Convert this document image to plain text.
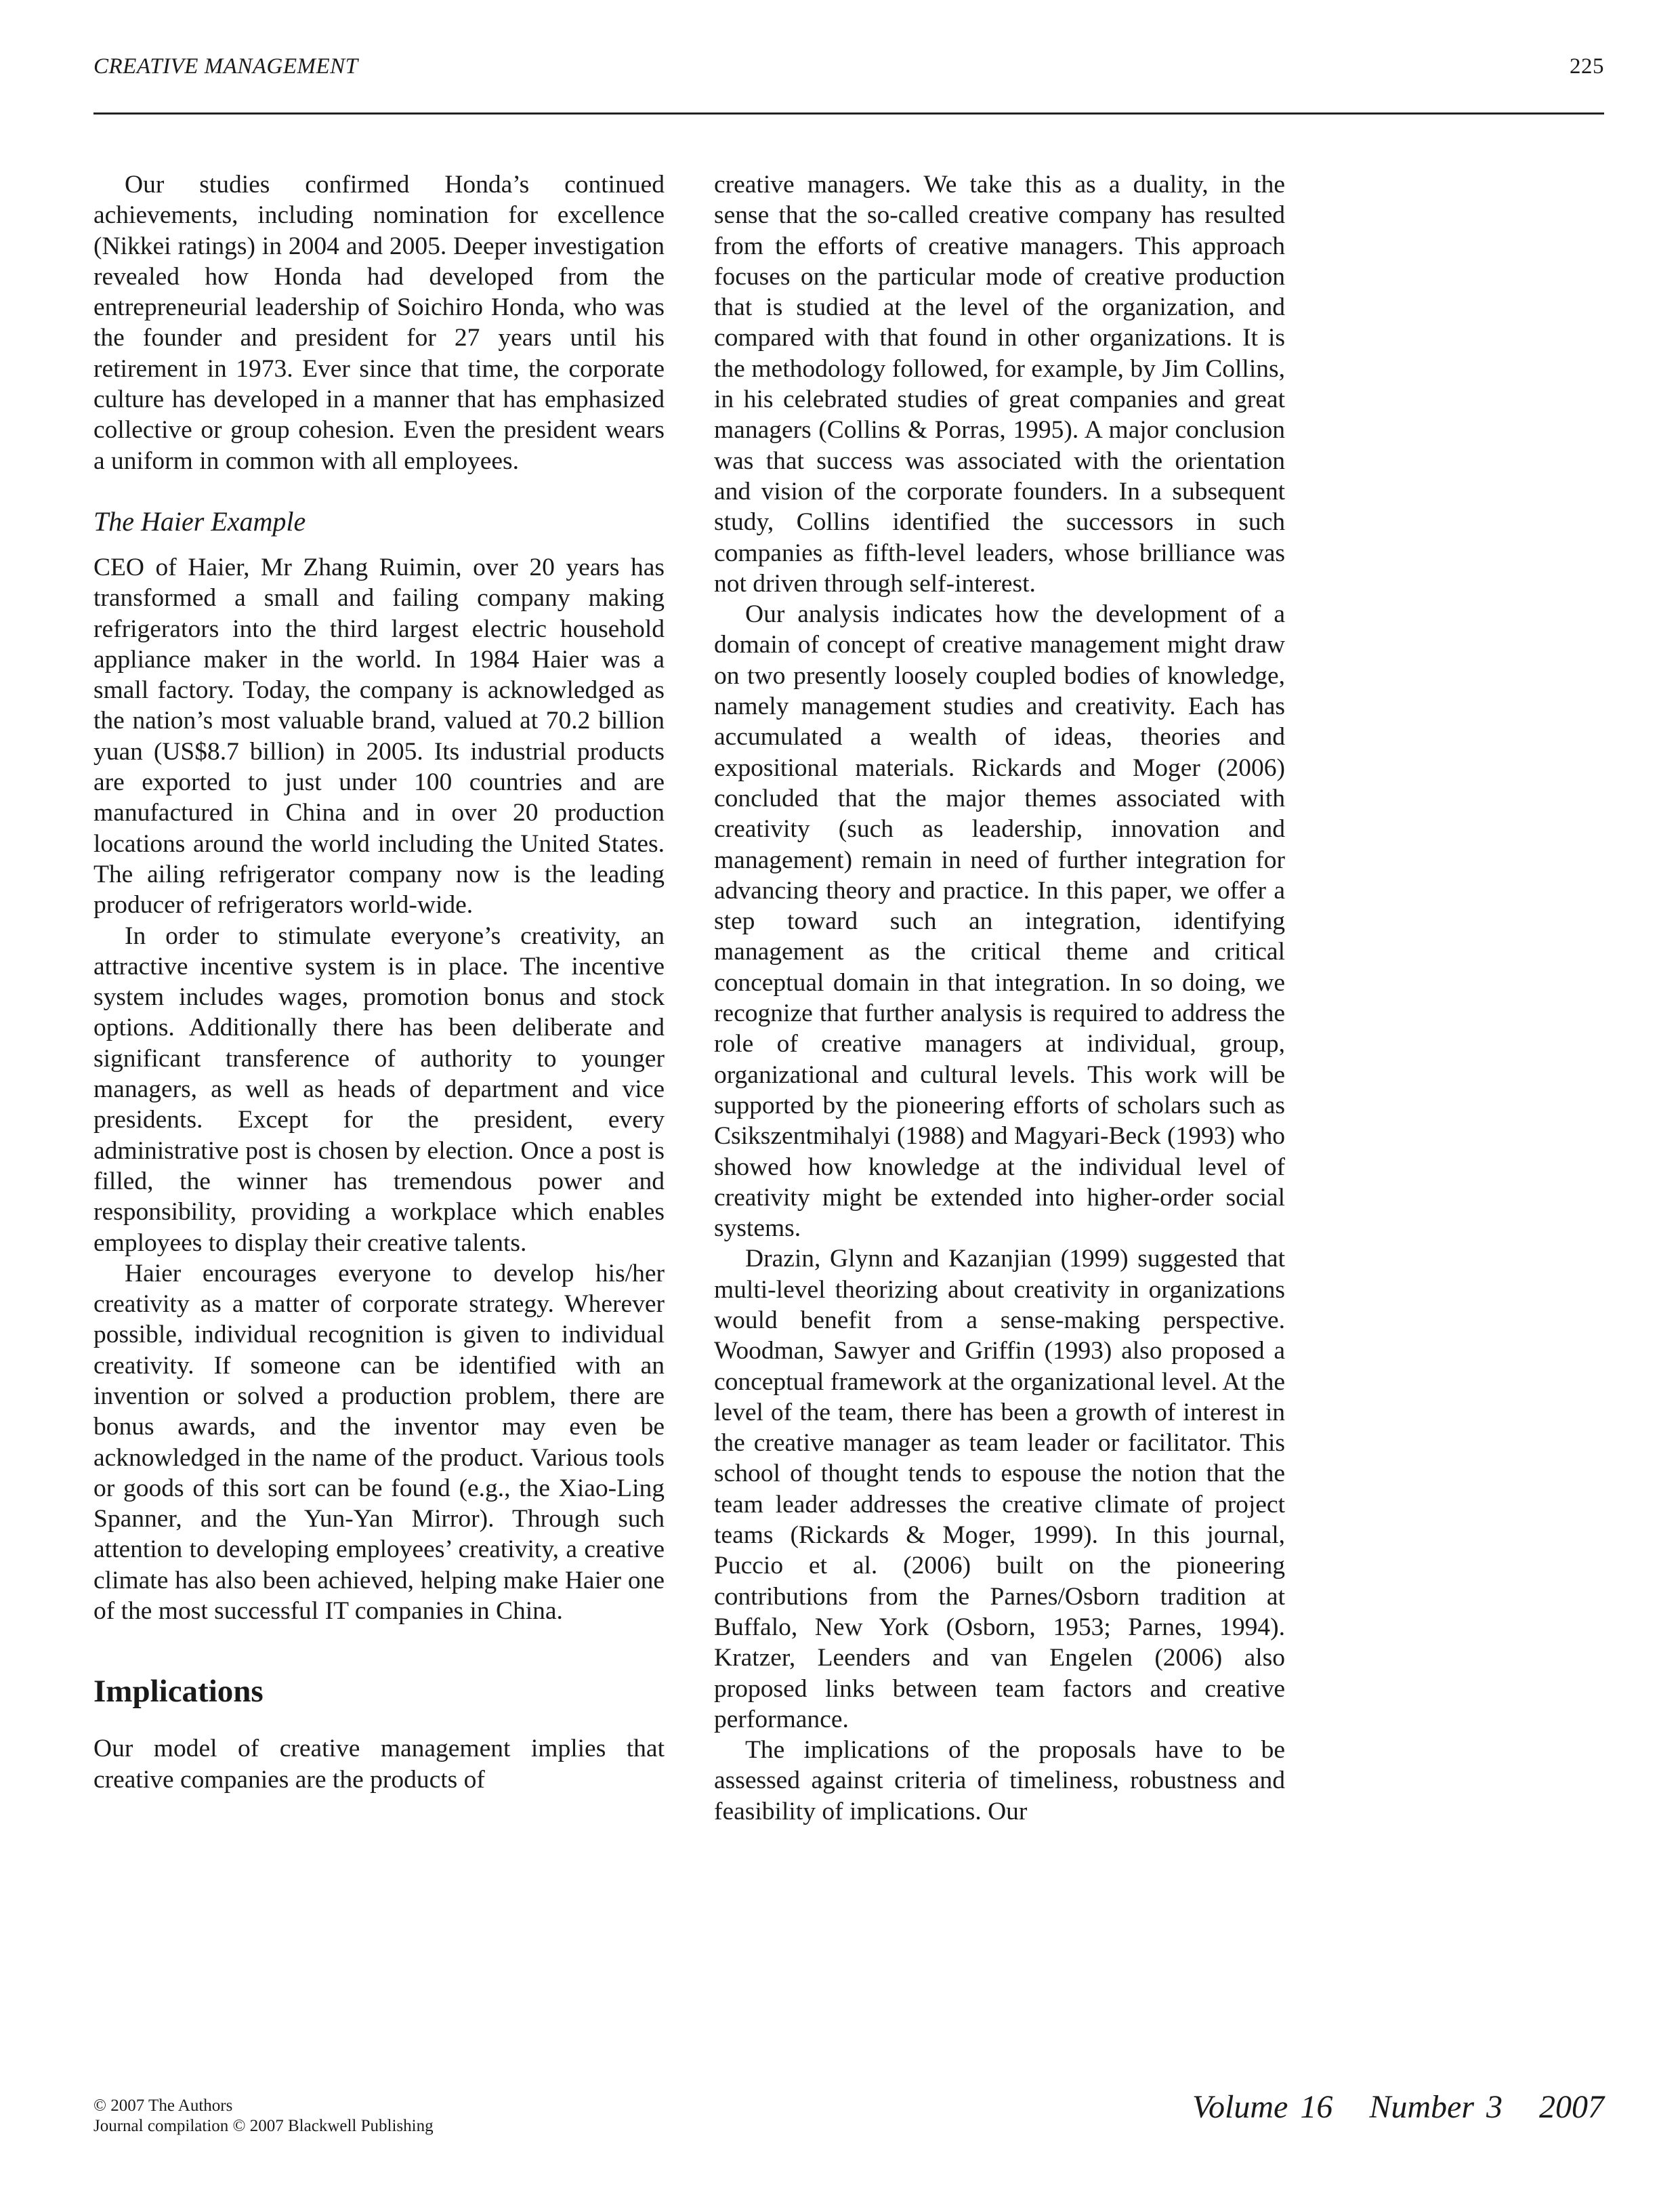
CREATIVE MANAGEMENT	225

Our studies confirmed Honda’s continued achievements, including nomination for excellence (Nikkei ratings) in 2004 and 2005. Deeper investigation revealed how Honda had developed from the entrepreneurial leadership of Soichiro Honda, who was the founder and president for 27 years until his retirement in 1973. Ever since that time, the corporate culture has developed in a manner that has emphasized collective or group cohesion. Even the president wears a uniform in common with all employees.

The Haier Example

CEO of Haier, Mr Zhang Ruimin, over 20 years has transformed a small and failing company making refrigerators into the third largest electric household appliance maker in the world. In 1984 Haier was a small factory. Today, the company is acknowledged as the nation’s most valuable brand, valued at 70.2 billion yuan (US$8.7 billion) in 2005. Its industrial products are exported to just under 100 countries and are manufactured in China and in over 20 production locations around the world including the United States. The ailing refrigerator company now is the leading producer of refrigerators world-wide.

In order to stimulate everyone’s creativity, an attractive incentive system is in place. The incentive system includes wages, promotion bonus and stock options. Additionally there has been deliberate and significant transference of authority to younger managers, as well as heads of department and vice presidents. Except for the president, every administrative post is chosen by election. Once a post is filled, the winner has tremendous power and responsibility, providing a workplace which enables employees to display their creative talents.

Haier encourages everyone to develop his/her creativity as a matter of corporate strategy. Wherever possible, individual recognition is given to individual creativity. If someone can be identified with an invention or solved a production problem, there are bonus awards, and the inventor may even be acknowledged in the name of the product. Various tools or goods of this sort can be found (e.g., the Xiao-Ling Spanner, and the Yun-Yan Mirror). Through such attention to developing employees’ creativity, a creative climate has also been achieved, helping make Haier one of the most successful IT companies in China.

Implications

Our model of creative management implies that creative companies are the products of

creative managers. We take this as a duality, in the sense that the so-called creative company has resulted from the efforts of creative managers. This approach focuses on the particular mode of creative production that is studied at the level of the organization, and compared with that found in other organizations. It is the methodology followed, for example, by Jim Collins, in his celebrated studies of great companies and great managers (Collins & Porras, 1995). A major conclusion was that success was associated with the orientation and vision of the corporate founders. In a subsequent study, Collins identified the successors in such companies as fifth-level leaders, whose brilliance was not driven through self-interest.

Our analysis indicates how the development of a domain of concept of creative management might draw on two presently loosely coupled bodies of knowledge, namely management studies and creativity. Each has accumulated a wealth of ideas, theories and expositional materials. Rickards and Moger (2006) concluded that the major themes associated with creativity (such as leadership, innovation and management) remain in need of further integration for advancing theory and practice. In this paper, we offer a step toward such an integration, identifying management as the critical theme and critical conceptual domain in that integration. In so doing, we recognize that further analysis is required to address the role of creative managers at individual, group, organizational and cultural levels. This work will be supported by the pioneering efforts of scholars such as Csikszentmihalyi (1988) and Magyari-Beck (1993) who showed how knowledge at the individual level of creativity might be extended into higher-order social systems.

Drazin, Glynn and Kazanjian (1999) suggested that multi-level theorizing about creativity in organizations would benefit from a sense-making perspective. Woodman, Sawyer and Griffin (1993) also proposed a conceptual framework at the organizational level. At the level of the team, there has been a growth of interest in the creative manager as team leader or facilitator. This school of thought tends to espouse the notion that the team leader addresses the creative climate of project teams (Rickards & Moger, 1999). In this journal, Puccio et al. (2006) built on the pioneering contributions from the Parnes/Osborn tradition at Buffalo, New York (Osborn, 1953; Parnes, 1994). Kratzer, Leenders and van Engelen (2006) also proposed links between team factors and creative performance.

The implications of the proposals have to be assessed against criteria of timeliness, robustness and feasibility of implications. Our

© 2007 The Authors
Journal compilation © 2007 Blackwell Publishing
Volume 16 Number 3 2007
